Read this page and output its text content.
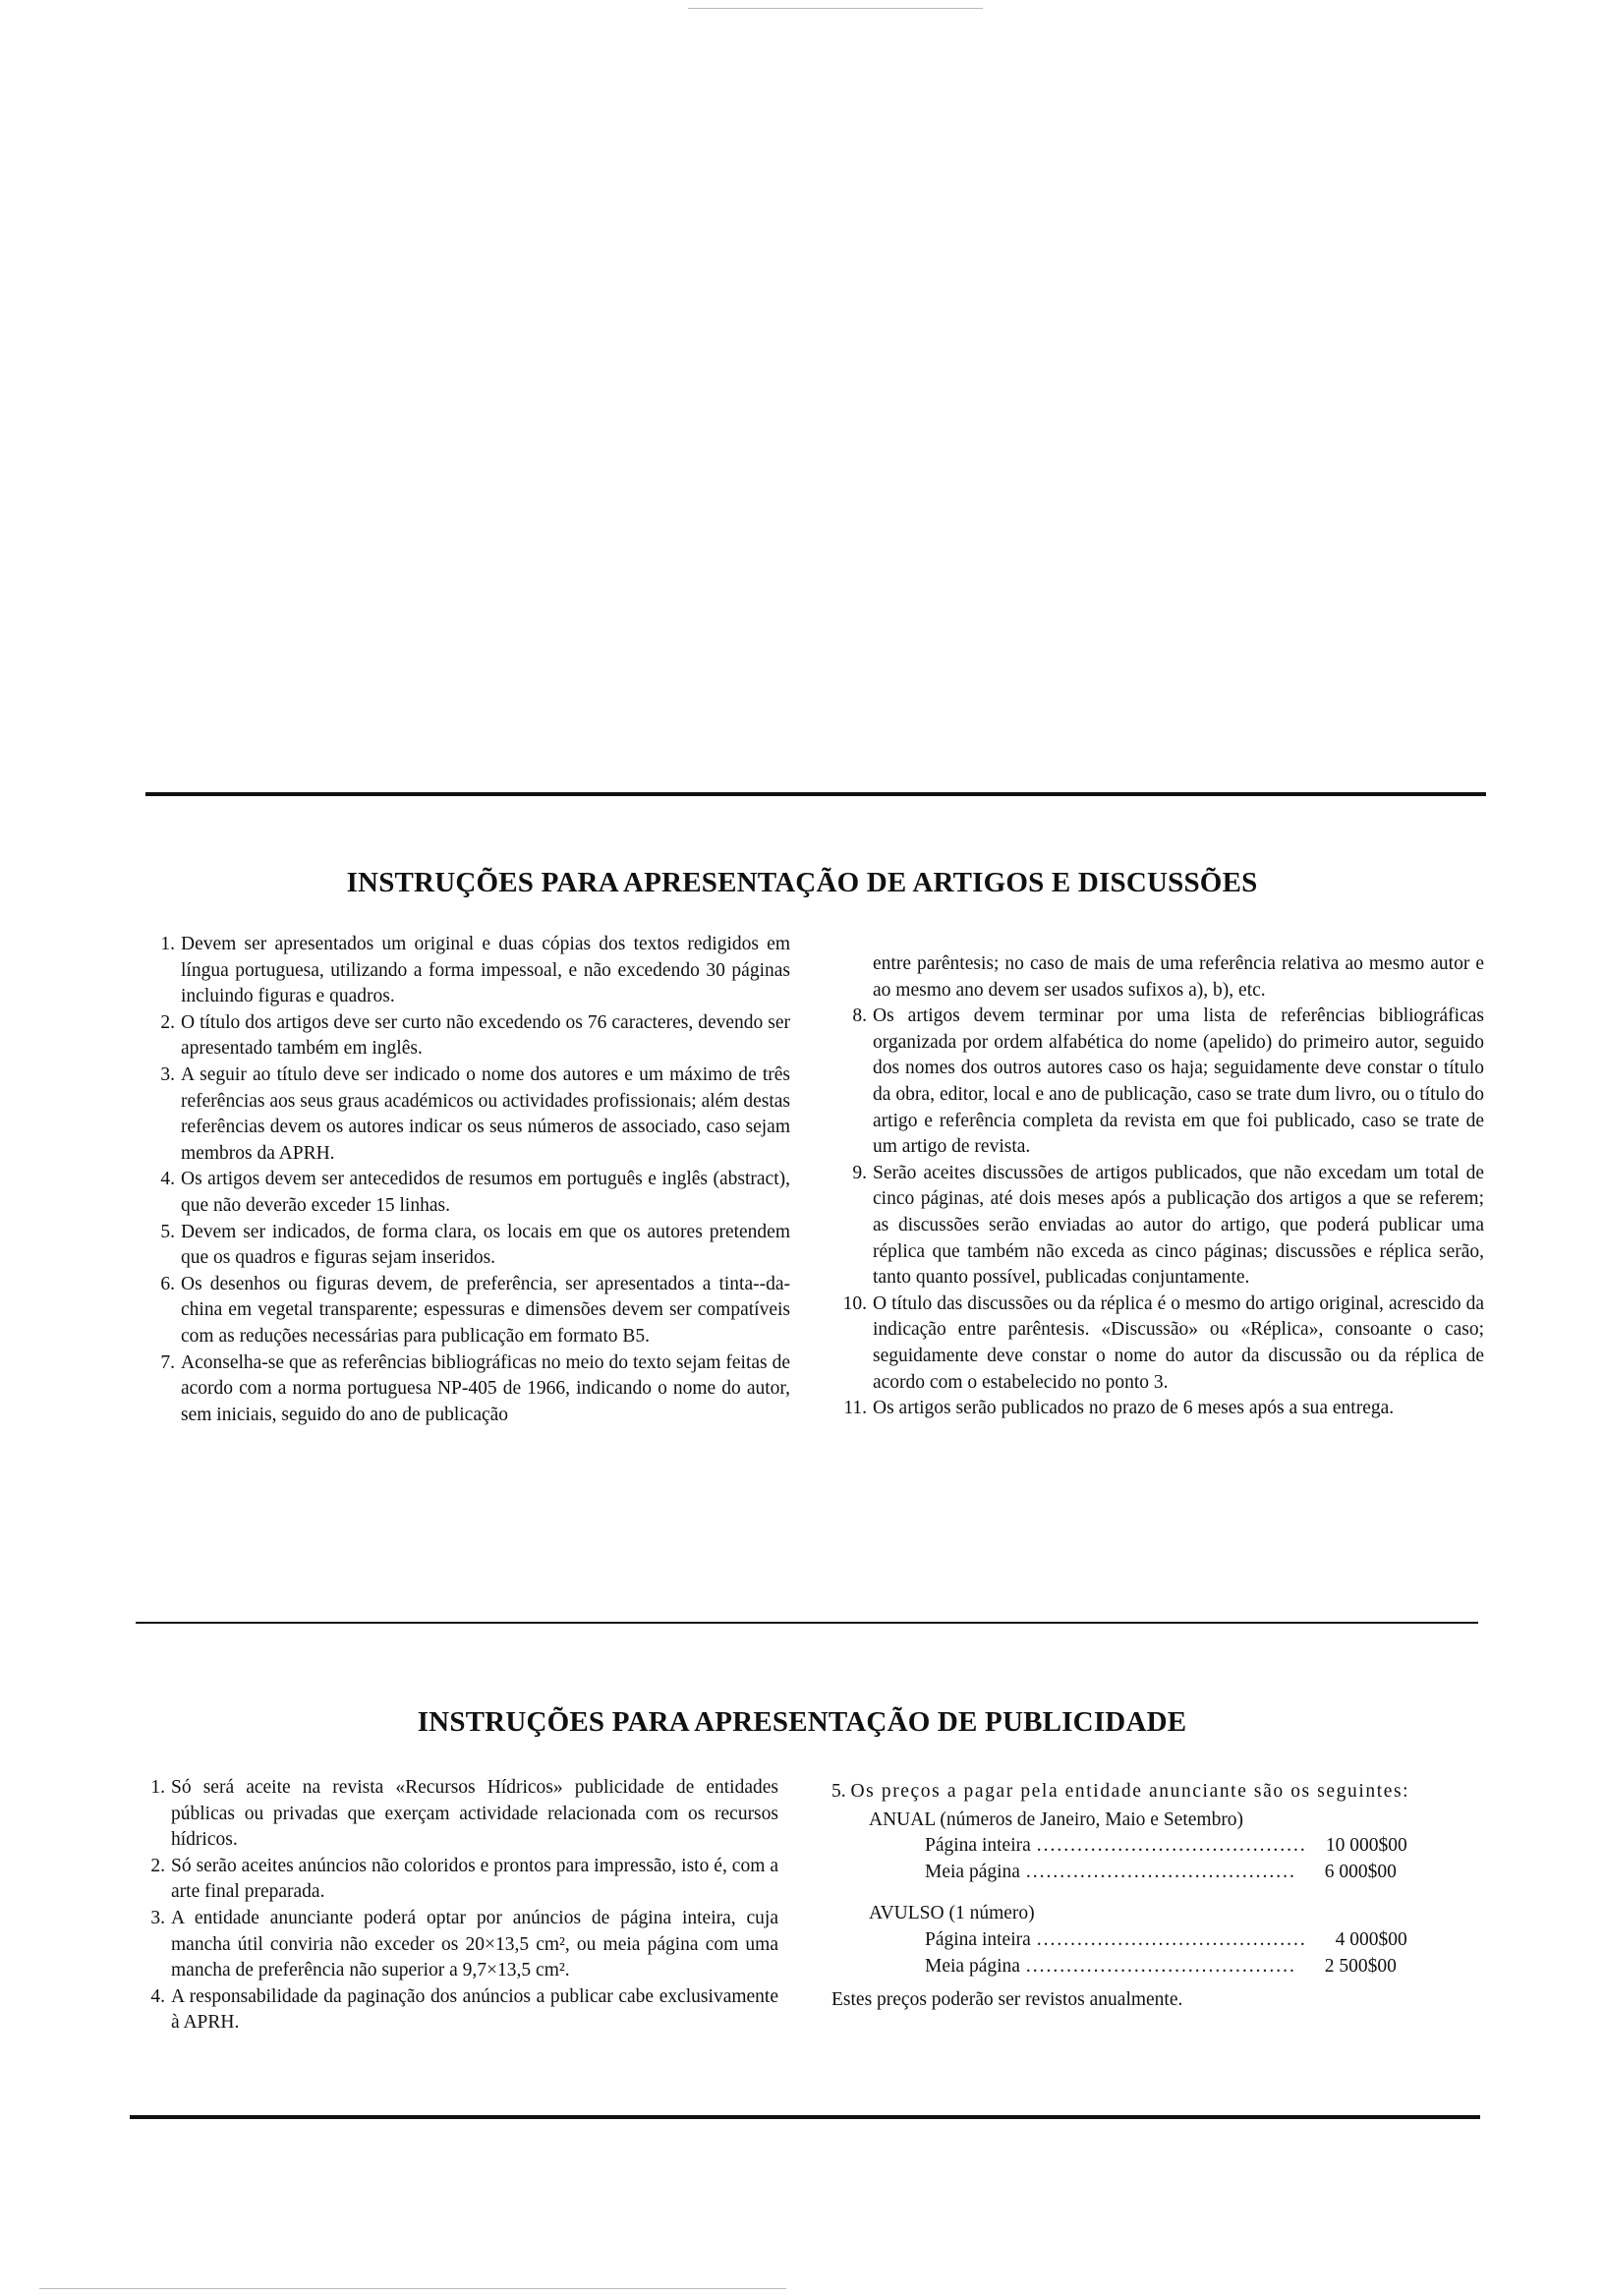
INSTRUÇÕES PARA APRESENTAÇÃO DE ARTIGOS E DISCUSSÕES
1. Devem ser apresentados um original e duas cópias dos textos redigidos em língua portuguesa, utilizando a forma impessoal, e não excedendo 30 páginas incluindo figuras e quadros.
2. O título dos artigos deve ser curto não excedendo os 76 caracteres, devendo ser apresentado também em inglês.
3. A seguir ao título deve ser indicado o nome dos autores e um máximo de três referências aos seus graus académicos ou actividades profissionais; além destas referências devem os autores indicar os seus números de associado, caso sejam membros da APRH.
4. Os artigos devem ser antecedidos de resumos em português e inglês (abstract), que não deverão exceder 15 linhas.
5. Devem ser indicados, de forma clara, os locais em que os autores pretendem que os quadros e figuras sejam inseridos.
6. Os desenhos ou figuras devem, de preferência, ser apresentados a tinta--da-china em vegetal transparente; espessuras e dimensões devem ser compatíveis com as reduções necessárias para publicação em formato B5.
7. Aconselha-se que as referências bibliográficas no meio do texto sejam feitas de acordo com a norma portuguesa NP-405 de 1966, indicando o nome do autor, sem iniciais, seguido do ano de publicação
entre parêntesis; no caso de mais de uma referência relativa ao mesmo autor e ao mesmo ano devem ser usados sufixos a), b), etc.
8. Os artigos devem terminar por uma lista de referências bibliográficas organizada por ordem alfabética do nome (apelido) do primeiro autor, seguido dos nomes dos outros autores caso os haja; seguidamente deve constar o título da obra, editor, local e ano de publicação, caso se trate dum livro, ou o título do artigo e referência completa da revista em que foi publicado, caso se trate de um artigo de revista.
9. Serão aceites discussões de artigos publicados, que não excedam um total de cinco páginas, até dois meses após a publicação dos artigos a que se referem; as discussões serão enviadas ao autor do artigo, que poderá publicar uma réplica que também não exceda as cinco páginas; discussões e réplica serão, tanto quanto possível, publicadas conjuntamente.
10. O título das discussões ou da réplica é o mesmo do artigo original, acrescido da indicação entre parêntesis. «Discussão» ou «Réplica», consoante o caso; seguidamente deve constar o nome do autor da discussão ou da réplica de acordo com o estabelecido no ponto 3.
11. Os artigos serão publicados no prazo de 6 meses após a sua entrega.
INSTRUÇÕES PARA APRESENTAÇÃO DE PUBLICIDADE
1. Só será aceite na revista «Recursos Hídricos» publicidade de entidades públicas ou privadas que exerçam actividade relacionada com os recursos hídricos.
2. Só serão aceites anúncios não coloridos e prontos para impressão, isto é, com a arte final preparada.
3. A entidade anunciante poderá optar por anúncios de página inteira, cuja mancha útil conviria não exceder os 20×13,5 cm², ou meia página com uma mancha de preferência não superior a 9,7×13,5 cm².
4. A responsabilidade da paginação dos anúncios a publicar cabe exclusivamente à APRH.
5. Os preços a pagar pela entidade anunciante são os seguintes:
ANUAL (números de Janeiro, Maio e Setembro)
Página inteira ........................................ 10 000$00
Meia página ........................................	6 000$00
AVULSO (1 número)
Página inteira ........................................	4 000$00
Meia página ........................................	2 500$00
Estes preços poderão ser revistos anualmente.
